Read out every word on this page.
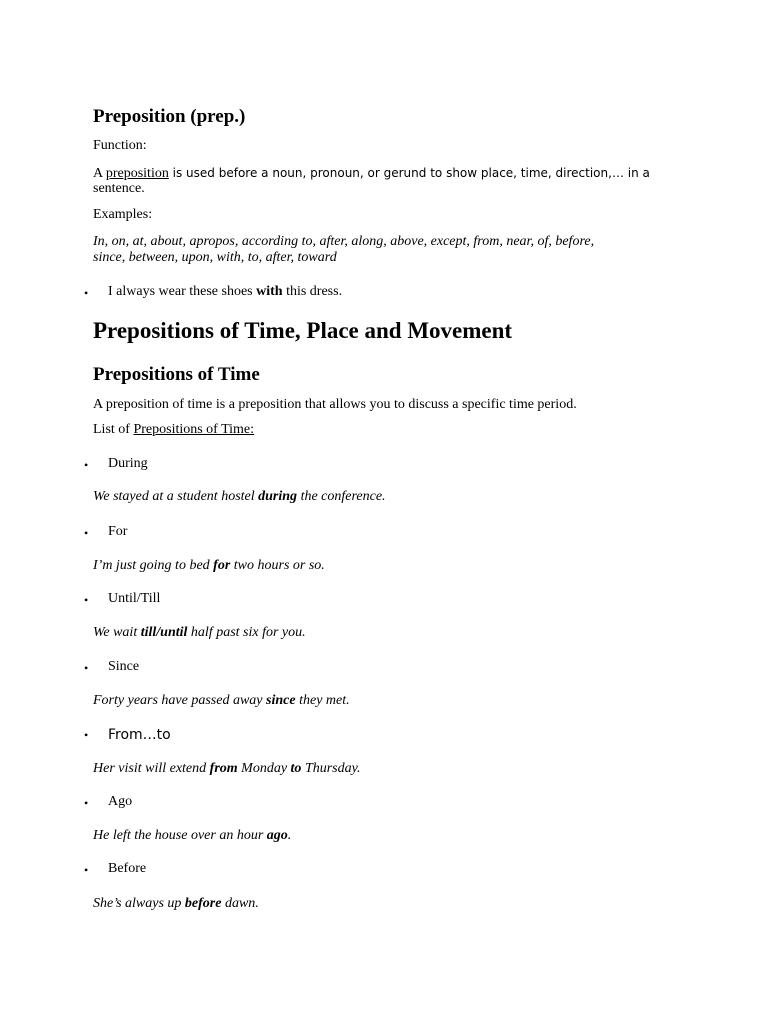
Preposition (prep.)
Function:
A preposition is used before a noun, pronoun, or gerund to show place, time, direction,… in a
sentence.
Examples:
In, on, at, about, apropos, according to, after, along, above, except, from, near, of, before,
since, between, upon, with, to, after, toward
• I always wear these shoes with this dress.
Prepositions of Time, Place and Movement
Prepositions of Time
A preposition of time is a preposition that allows you to discuss a specific time period.
List of Prepositions of Time:
• During
We stayed at a student hostel during the conference.
• For
I’m just going to bed for two hours or so.
• Until/Till
We wait till/until half past six for you.
• Since
Forty years have passed away since they met.
• From…to
Her visit will extend from Monday to Thursday.
• Ago
He left the house over an hour ago.
• Before
She’s always up before dawn.
